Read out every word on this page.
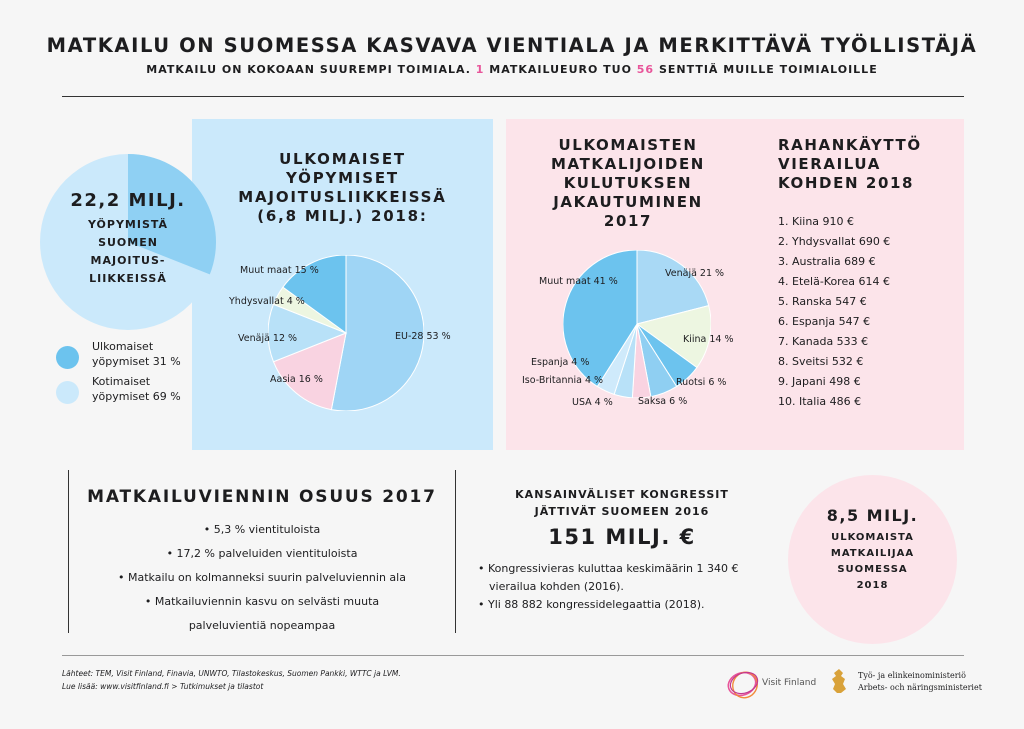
MATKAILU ON SUOMESSA KASVAVA VIENTIALA JA MERKITTÄVÄ TYÖLLISTÄJÄ
MATKAILU ON KOKOAAN SUUREMPI TOIMIALA. 1 MATKAILUEURO TUO 56 SENTTIÄ MUILLE TOIMIALOILLE
22,2 MILJ.
YÖPYMISTÄ
SUOMEN
MAJOITUS-
LIIKKEISSÄ
Ulkomaiset
yöpymiset 31 %
Kotimaiset
yöpymiset 69 %
ULKOMAISET
YÖPYMISET
MAJOITUSLIIKKEISSÄ
(6,8 MILJ.) 2018:
Muut maat 15 %
Yhdysvallat 4 %
Venäjä 12 %
Aasia 16 %
EU-28 53 %
ULKOMAISTEN
MATKALIJOIDEN
KULUTUKSEN
JAKAUTUMINEN
2017
Muut maat 41 %
Venäjä 21 %
Kiina 14 %
Ruotsi 6 %
Saksa 6 %
USA 4 %
Iso-Britannia 4 %
Espanja 4 %
RAHANKÄYTTÖ
VIERAILUA
KOHDEN 2018
1. Kiina 910 €
2. Yhdysvallat 690 €
3. Australia 689 €
4. Etelä-Korea 614 €
5. Ranska 547 €
6. Espanja 547 €
7. Kanada 533 €
8. Sveitsi 532 €
9. Japani 498 €
10. Italia 486 €
MATKAILUVIENNIN OSUUS 2017
• 5,3 % vientituloista
• 17,2 % palveluiden vientituloista
• Matkailu on kolmanneksi suurin palveluviennin ala
• Matkailuviennin kasvu on selvästi muuta
palveluvientiä nopeampaa
KANSAINVÄLISET KONGRESSIT
JÄTTIVÄT SUOMEEN 2016
151 MILJ. €
• Kongressivieras kuluttaa keskimäärin 1 340 €
vierailua kohden (2016).
• Yli 88 882 kongressidelegaattia (2018).
8,5 MILJ.
ULKOMAISTA
MATKAILIJAA
SUOMESSA
2018
Lähteet: TEM, Visit Finland, Finavia, UNWTO, Tilastokeskus, Suomen Pankki, WTTC ja LVM.
Lue lisää: www.visitfinland.fi > Tutkimukset ja tilastot	Visit Finland
Työ- ja elinkeinoministeriö
Arbets- och näringsministeriet
